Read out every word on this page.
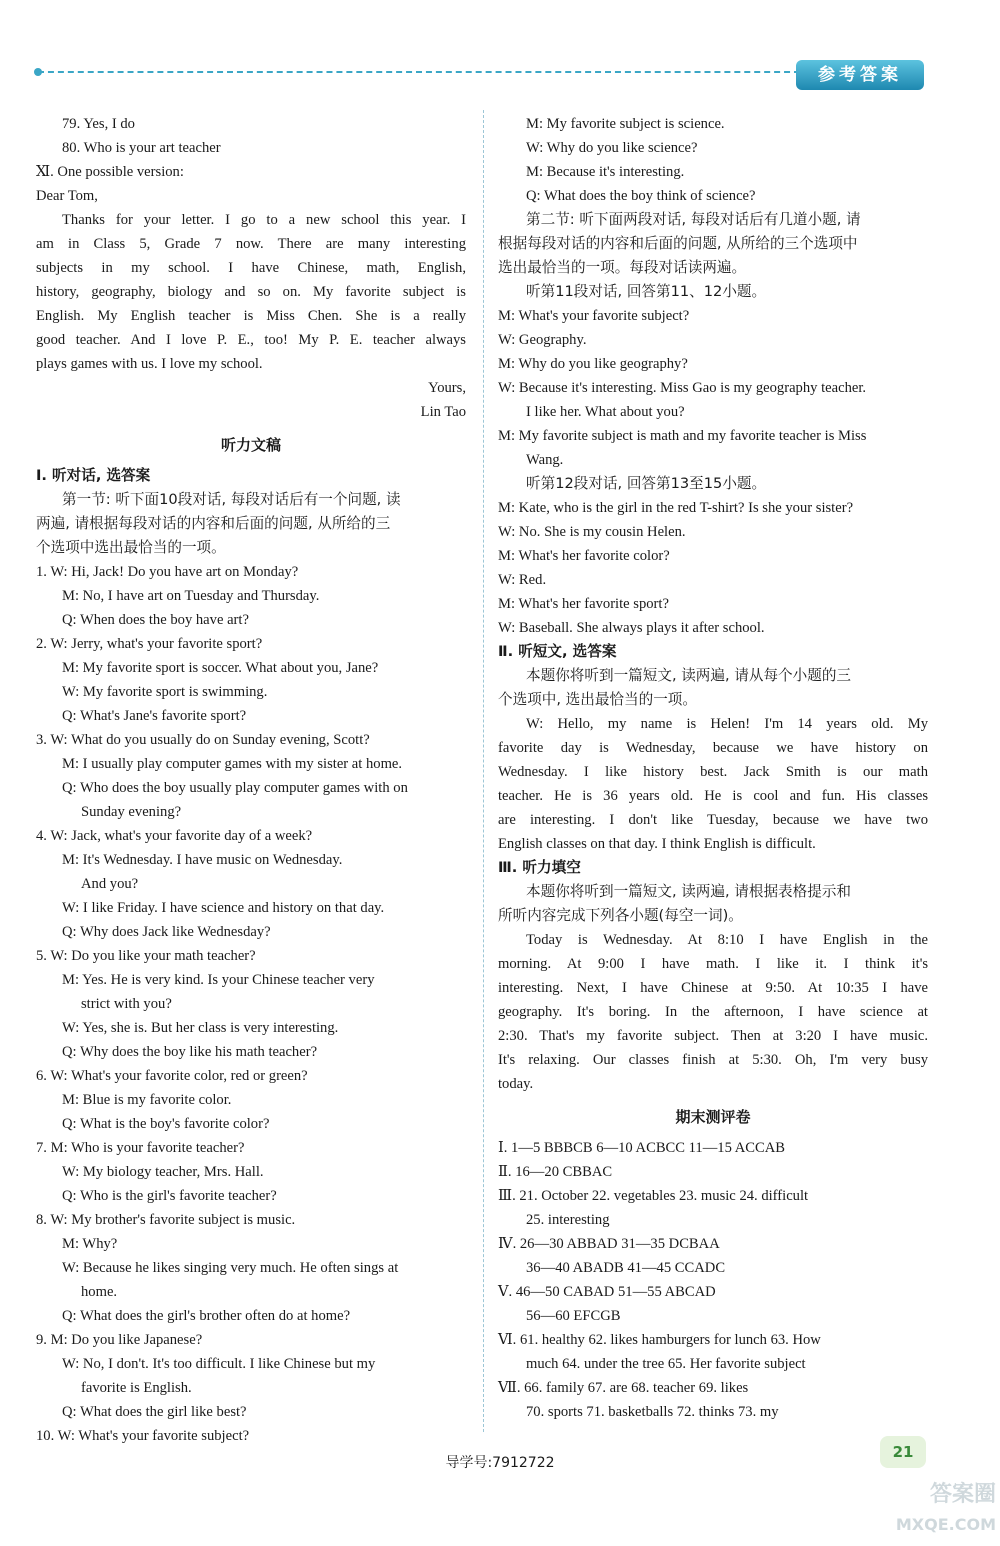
参考答案
79. Yes, I do
80. Who is your art teacher
Ⅺ. One possible version:
Dear Tom,
Thanks for your letter. I go to a new school this year. I
am in Class 5, Grade 7 now. There are many interesting
subjects in my school. I have Chinese, math, English,
history, geography, biology and so on. My favorite subject is
English. My English teacher is Miss Chen. She is a really
good teacher. And I love P. E., too! My P. E. teacher always
plays games with us. I love my school.
Yours,
Lin Tao
听力文稿
Ⅰ. 听对话, 选答案
第一节: 听下面10段对话, 每段对话后有一个问题, 读
两遍, 请根据每段对话的内容和后面的问题, 从所给的三
个选项中选出最恰当的一项。
1. W: Hi, Jack! Do you have art on Monday?
M: No, I have art on Tuesday and Thursday.
Q: When does the boy have art?
2. W: Jerry, what's your favorite sport?
M: My favorite sport is soccer. What about you, Jane?
W: My favorite sport is swimming.
Q: What's Jane's favorite sport?
3. W: What do you usually do on Sunday evening, Scott?
M: I usually play computer games with my sister at home.
Q: Who does the boy usually play computer games with on
Sunday evening?
4. W: Jack, what's your favorite day of a week?
M: It's Wednesday. I have music on Wednesday.
And you?
W: I like Friday. I have science and history on that day.
Q: Why does Jack like Wednesday?
5. W: Do you like your math teacher?
M: Yes. He is very kind. Is your Chinese teacher very
strict with you?
W: Yes, she is. But her class is very interesting.
Q: Why does the boy like his math teacher?
6. W: What's your favorite color, red or green?
M: Blue is my favorite color.
Q: What is the boy's favorite color?
7. M: Who is your favorite teacher?
W: My biology teacher, Mrs. Hall.
Q: Who is the girl's favorite teacher?
8. W: My brother's favorite subject is music.
M: Why?
W: Because he likes singing very much. He often sings at
home.
Q: What does the girl's brother often do at home?
9. M: Do you like Japanese?
W: No, I don't. It's too difficult. I like Chinese but my
favorite is English.
Q: What does the girl like best?
10. W: What's your favorite subject?
M: My favorite subject is science.
W: Why do you like science?
M: Because it's interesting.
Q: What does the boy think of science?
第二节: 听下面两段对话, 每段对话后有几道小题, 请
根据每段对话的内容和后面的问题, 从所给的三个选项中
选出最恰当的一项。每段对话读两遍。
听第11段对话, 回答第11、12小题。
M: What's your favorite subject?
W: Geography.
M: Why do you like geography?
W: Because it's interesting. Miss Gao is my geography teacher.
I like her. What about you?
M: My favorite subject is math and my favorite teacher is Miss
Wang.
听第12段对话, 回答第13至15小题。
M: Kate, who is the girl in the red T-shirt? Is she your sister?
W: No. She is my cousin Helen.
M: What's her favorite color?
W: Red.
M: What's her favorite sport?
W: Baseball. She always plays it after school.
Ⅱ. 听短文, 选答案
本题你将听到一篇短文, 读两遍, 请从每个小题的三
个选项中, 选出最恰当的一项。
W: Hello, my name is Helen! I'm 14 years old. My
favorite day is Wednesday, because we have history on
Wednesday. I like history best. Jack Smith is our math
teacher. He is 36 years old. He is cool and fun. His classes
are interesting. I don't like Tuesday, because we have two
English classes on that day. I think English is difficult.
Ⅲ. 听力填空
本题你将听到一篇短文, 读两遍, 请根据表格提示和
所听内容完成下列各小题(每空一词)。
Today is Wednesday. At 8:10 I have English in the
morning. At 9:00 I have math. I like it. I think it's
interesting. Next, I have Chinese at 9:50. At 10:35 I have
geography. It's boring. In the afternoon, I have science at
2:30. That's my favorite subject. Then at 3:20 I have music.
It's relaxing. Our classes finish at 5:30. Oh, I'm very busy
today.
期末测评卷
Ⅰ. 1—5 BBBCB 6—10 ACBCC 11—15 ACCAB
Ⅱ. 16—20 CBBAC
Ⅲ. 21. October 22. vegetables 23. music 24. difficult
25. interesting
Ⅳ. 26—30 ABBAD 31—35 DCBAA
36—40 ABADB 41—45 CCADC
Ⅴ. 46—50 CABAD 51—55 ABCAD
56—60 EFCGB
Ⅵ. 61. healthy 62. likes hamburgers for lunch 63. How
much 64. under the tree 65. Her favorite subject
Ⅶ. 66. family 67. are 68. teacher 69. likes
70. sports 71. basketballs 72. thinks 73. my
导学号:7912722
21
答案圈
MXQE.COM
